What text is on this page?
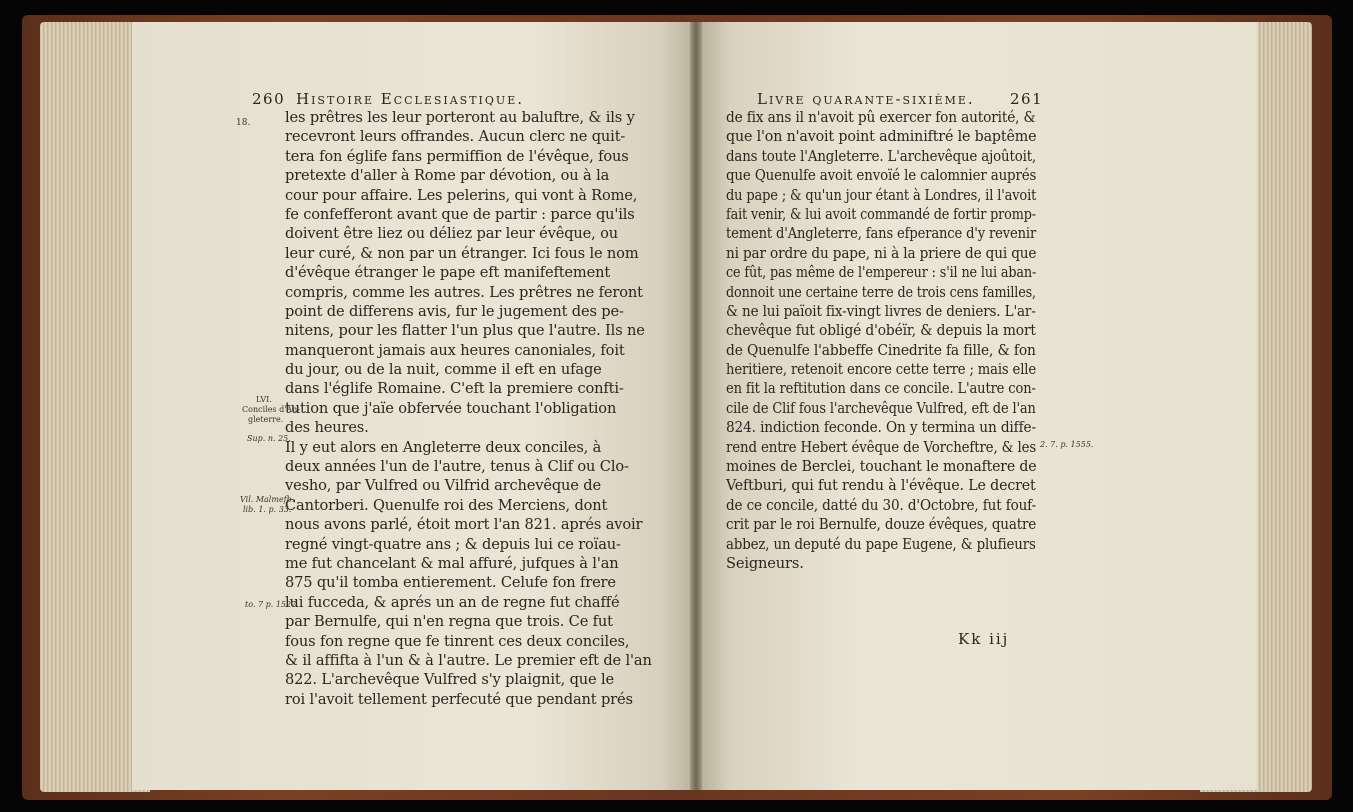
260 Histoire Ecclesiastique.
les prêtres les leur porteront au baluftre, & ils y
recevront leurs offrandes. Aucun clerc ne quit-
tera fon églife fans permiffion de l'évêque, fous
pretexte d'aller à Rome par dévotion, ou à la
cour pour affaire. Les pelerins, qui vont à Rome,
fe confefferont avant que de partir : parce qu'ils
doivent être liez ou déliez par leur évêque, ou
leur curé, & non par un étranger. Ici fous le nom
d'évêque étranger le pape eft manifeftement
compris, comme les autres. Les prêtres ne feront
point de differens avis, fur le jugement des pe-
nitens, pour les flatter l'un plus que l'autre. Ils ne
manqueront jamais aux heures canoniales, foit
du jour, ou de la nuit, comme il eft en ufage
dans l'églife Romaine. C'eft la premiere confti-
tution que j'aïe obfervée touchant l'obligation
des heures.
Il y eut alors en Angleterre deux conciles, à
deux années l'un de l'autre, tenus à Clif ou Clo-
vesho, par Vulfred ou Vilfrid archevêque de
Cantorberi. Quenulfe roi des Merciens, dont
nous avons parlé, étoit mort l'an 821. aprés avoir
regné vingt-quatre ans ; & depuis lui ce roïau-
me fut chancelant & mal affuré, jufques à l'an
875 qu'il tomba entierement. Celufe fon frere
lui fucceda, & aprés un an de regne fut chaffé
par Bernulfe, qui n'en regna que trois. Ce fut
fous fon regne que fe tinrent ces deux conciles,
& il affifta à l'un & à l'autre. Le premier eft de l'an
822. L'archevêque Vulfred s'y plaignit, que le
roi l'avoit tellement perfecuté que pendant prés
18.
LVI.
Conciles d'An-
gleterre.
Sup. n. 25.
Vil. Malmefb.
lib. 1. p. 33.
to. 7 p. 1527.
Livre quarante-sixième. 261
de fix ans il n'avoit pû exercer fon autorité, &
que l'on n'avoit point adminiftré le baptême
dans toute l'Angleterre. L'archevêque ajoûtoit,
que Quenulfe avoit envoïé le calomnier auprés
du pape ; & qu'un jour étant à Londres, il l'avoit
fait venir, & lui avoit commandé de fortir promp-
tement d'Angleterre, fans efperance d'y revenir
ni par ordre du pape, ni à la priere de qui que
ce fût, pas même de l'empereur : s'il ne lui aban-
donnoit une certaine terre de trois cens familles,
& ne lui païoit fix-vingt livres de deniers. L'ar-
chevêque fut obligé d'obéïr, & depuis la mort
de Quenulfe l'abbeffe Cinedrite fa fille, & fon
heritiere, retenoit encore cette terre ; mais elle
en fit la reftitution dans ce concile. L'autre con-
cile de Clif fous l'archevêque Vulfred, eft de l'an
824. indiction feconde. On y termina un diffe-
rend entre Hebert évêque de Vorcheftre, & les
moines de Berclei, touchant le monaftere de
Veftburi, qui fut rendu à l'évêque. Le decret
de ce concile, datté du 30. d'Octobre, fut fouf-
crit par le roi Bernulfe, douze évêques, quatre
abbez, un deputé du pape Eugene, & plufieurs
Seigneurs.
2. 7. p. 1555.
Kk iij
